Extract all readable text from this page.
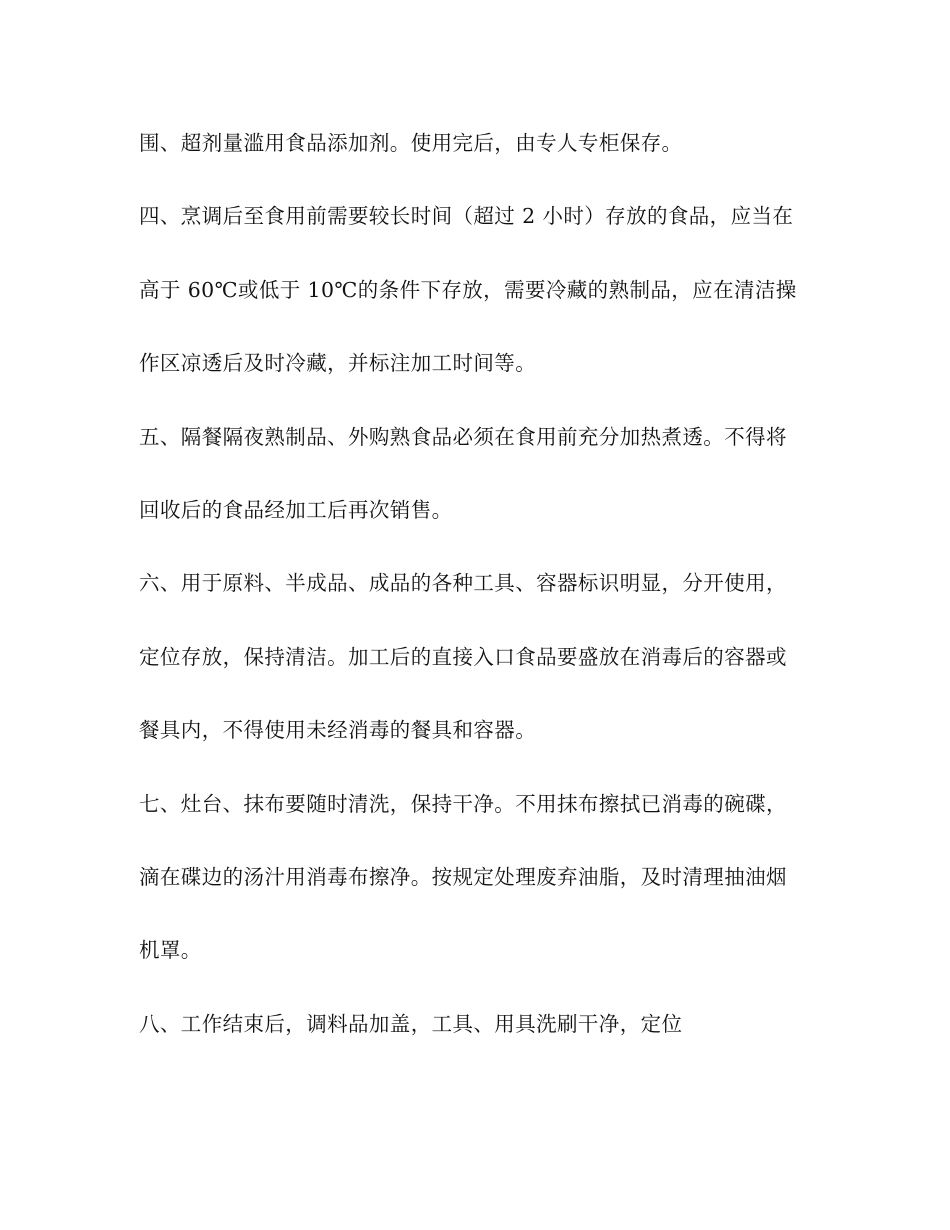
围、超剂量滥用食品添加剂。使用完后，由专人专柜保存。
四、烹调后至食用前需要较长时间（超过 2 小时）存放的食品，应当在
高于 60℃或低于 10℃的条件下存放，需要冷藏的熟制品，应在清洁操
作区凉透后及时冷藏，并标注加工时间等。
五、隔餐隔夜熟制品、外购熟食品必须在食用前充分加热煮透。不得将
回收后的食品经加工后再次销售。
六、用于原料、半成品、成品的各种工具、容器标识明显，分开使用，
定位存放，保持清洁。加工后的直接入口食品要盛放在消毒后的容器或
餐具内，不得使用未经消毒的餐具和容器。
七、灶台、抹布要随时清洗，保持干净。不用抹布擦拭已消毒的碗碟，
滴在碟边的汤汁用消毒布擦净。按规定处理废弃油脂，及时清理抽油烟
机罩。
八、工作结束后，调料品加盖，工具、用具洗刷干净，定位
